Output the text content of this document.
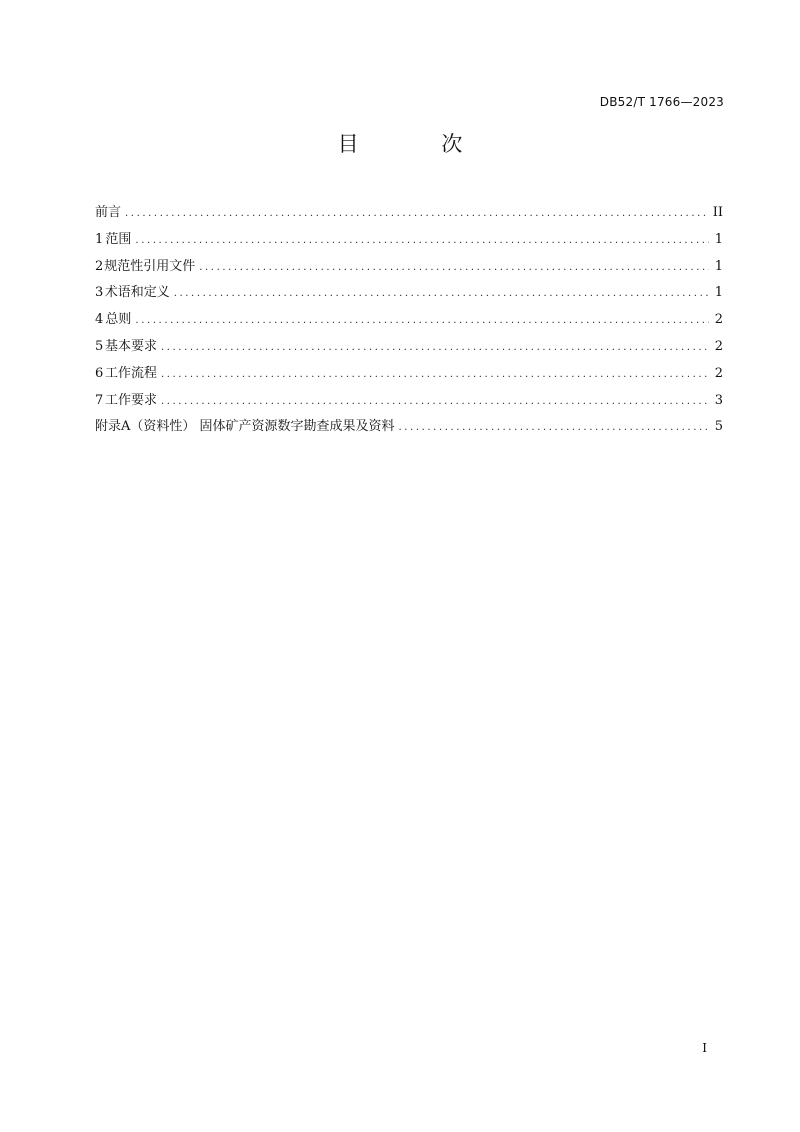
DB52/T 1766—2023
目 次
前言 .....	II
1 范围 .....	1
2 规范性引用文件 .....	1
3 术语和定义 .....	1
4 总则 .....	2
5 基本要求 .....	2
6 工作流程 .....	2
7 工作要求 .....	3
附录A（资料性） 固体矿产资源数字勘查成果及资料 .....	5
I
